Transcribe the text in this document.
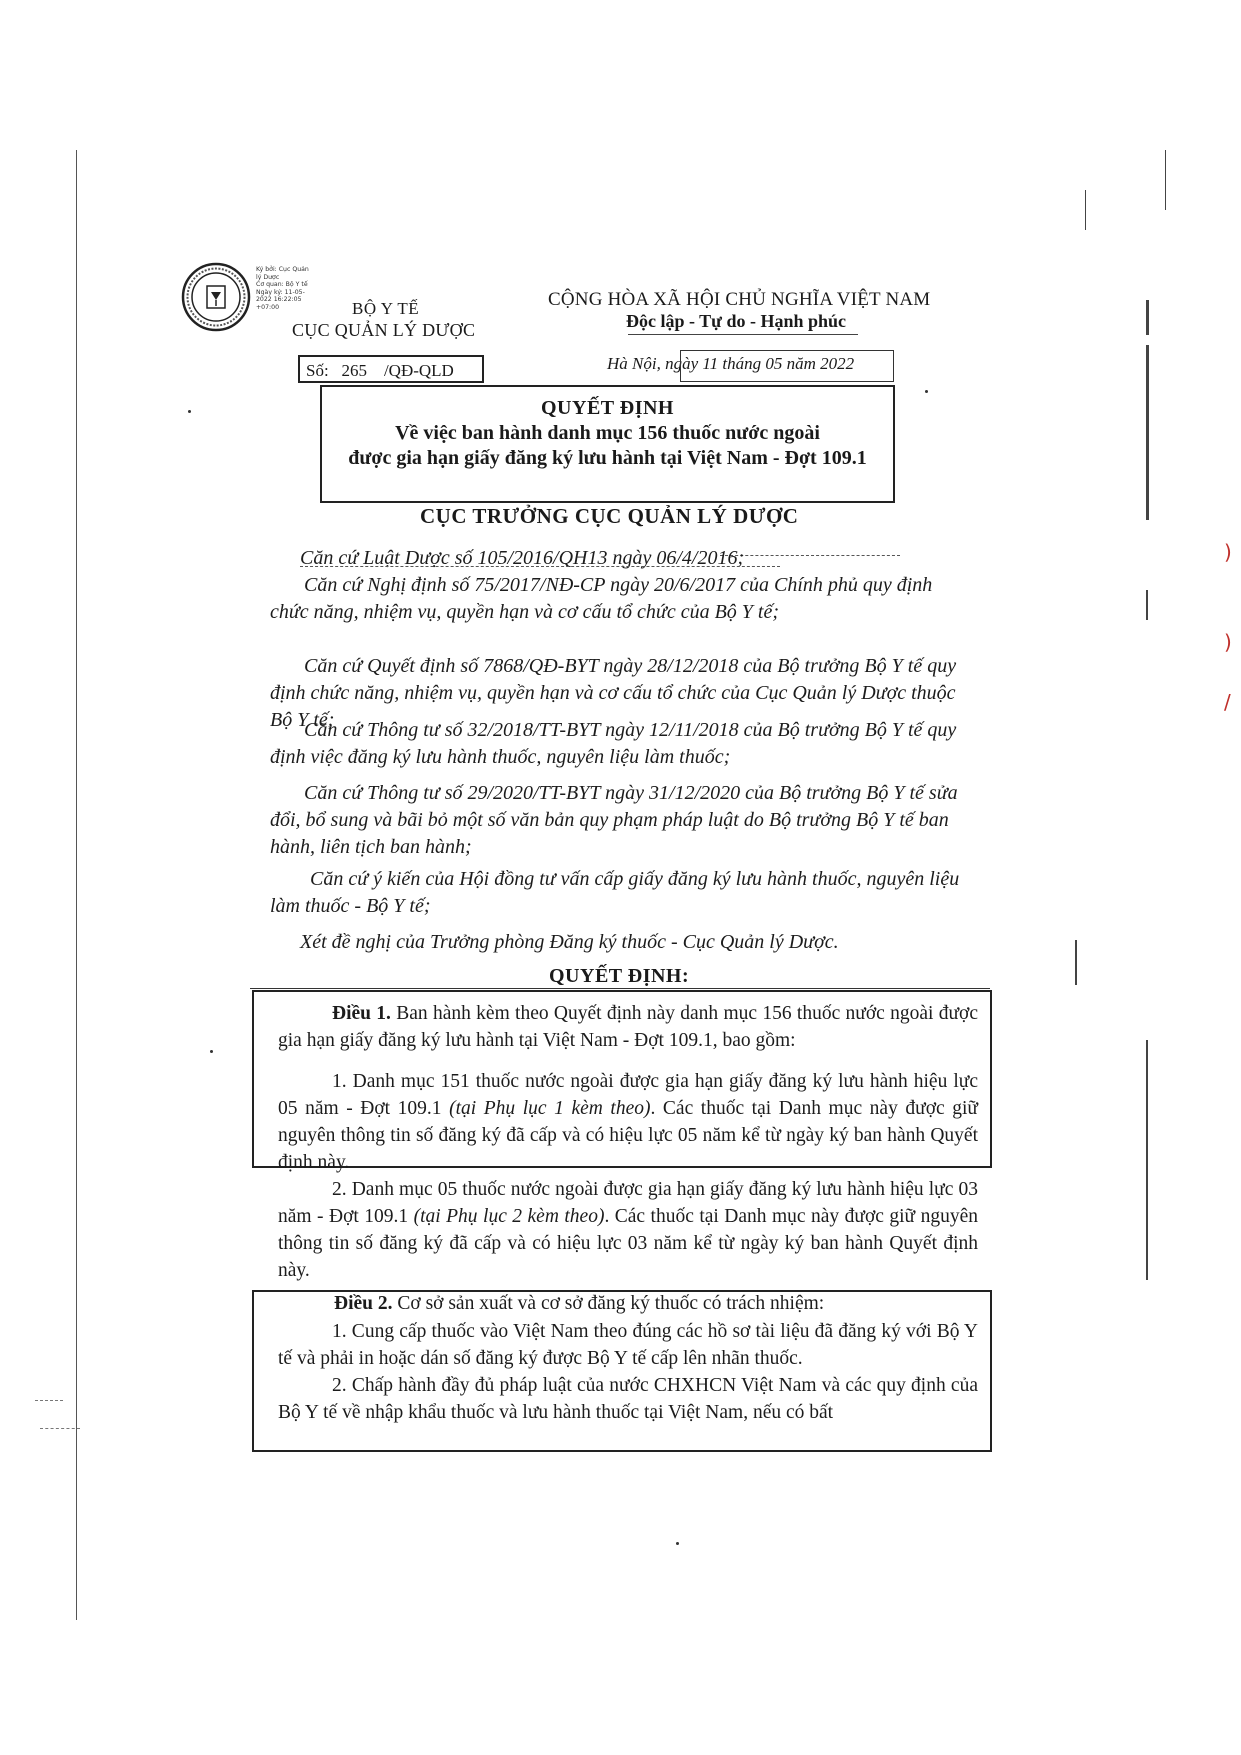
)
)
/
Ký bởi: Cục Quản
lý Dược
Cơ quan: Bộ Y tế
Ngày ký: 11-05-
2022 16:22:05
+07:00	BỘ Y TẾ
CỤC QUẢN LÝ DƯỢC
CỘNG HÒA XÃ HỘI CHỦ NGHĨA VIỆT NAM
Độc lập - Tự do - Hạnh phúc
Số: 265 /QĐ-QLD	Hà Nội, ngày 11 tháng 05 năm 2022
QUYẾT ĐỊNH
Về việc ban hành danh mục 156 thuốc nước ngoài
được gia hạn giấy đăng ký lưu hành tại Việt Nam - Đợt 109.1
CỤC TRƯỞNG CỤC QUẢN LÝ DƯỢC
Căn cứ Luật Dược số 105/2016/QH13 ngày 06/4/2016;
Căn cứ Nghị định số 75/2017/NĐ-CP ngày 20/6/2017 của Chính phủ quy định chức năng, nhiệm vụ, quyền hạn và cơ cấu tổ chức của Bộ Y tế;
Căn cứ Quyết định số 7868/QĐ-BYT ngày 28/12/2018 của Bộ trưởng Bộ Y tế quy định chức năng, nhiệm vụ, quyền hạn và cơ cấu tổ chức của Cục Quản lý Dược thuộc Bộ Y tế;
Căn cứ Thông tư số 32/2018/TT-BYT ngày 12/11/2018 của Bộ trưởng Bộ Y tế quy định việc đăng ký lưu hành thuốc, nguyên liệu làm thuốc;
Căn cứ Thông tư số 29/2020/TT-BYT ngày 31/12/2020 của Bộ trưởng Bộ Y tế sửa đổi, bổ sung và bãi bỏ một số văn bản quy phạm pháp luật do Bộ trưởng Bộ Y tế ban hành, liên tịch ban hành;
Căn cứ ý kiến của Hội đồng tư vấn cấp giấy đăng ký lưu hành thuốc, nguyên liệu làm thuốc - Bộ Y tế;
Xét đề nghị của Trưởng phòng Đăng ký thuốc - Cục Quản lý Dược.
QUYẾT ĐỊNH:
Điều 1. Ban hành kèm theo Quyết định này danh mục 156 thuốc nước ngoài được gia hạn giấy đăng ký lưu hành tại Việt Nam - Đợt 109.1, bao gồm:
1. Danh mục 151 thuốc nước ngoài được gia hạn giấy đăng ký lưu hành hiệu lực 05 năm - Đợt 109.1 (tại Phụ lục 1 kèm theo). Các thuốc tại Danh mục này được giữ nguyên thông tin số đăng ký đã cấp và có hiệu lực 05 năm kể từ ngày ký ban hành Quyết định này.
2. Danh mục 05 thuốc nước ngoài được gia hạn giấy đăng ký lưu hành hiệu lực 03 năm - Đợt 109.1 (tại Phụ lục 2 kèm theo). Các thuốc tại Danh mục này được giữ nguyên thông tin số đăng ký đã cấp và có hiệu lực 03 năm kể từ ngày ký ban hành Quyết định này.
Điều 2. Cơ sở sản xuất và cơ sở đăng ký thuốc có trách nhiệm:
1. Cung cấp thuốc vào Việt Nam theo đúng các hồ sơ tài liệu đã đăng ký với Bộ Y tế và phải in hoặc dán số đăng ký được Bộ Y tế cấp lên nhãn thuốc.
2. Chấp hành đầy đủ pháp luật của nước CHXHCN Việt Nam và các quy định của Bộ Y tế về nhập khẩu thuốc và lưu hành thuốc tại Việt Nam, nếu có bất
